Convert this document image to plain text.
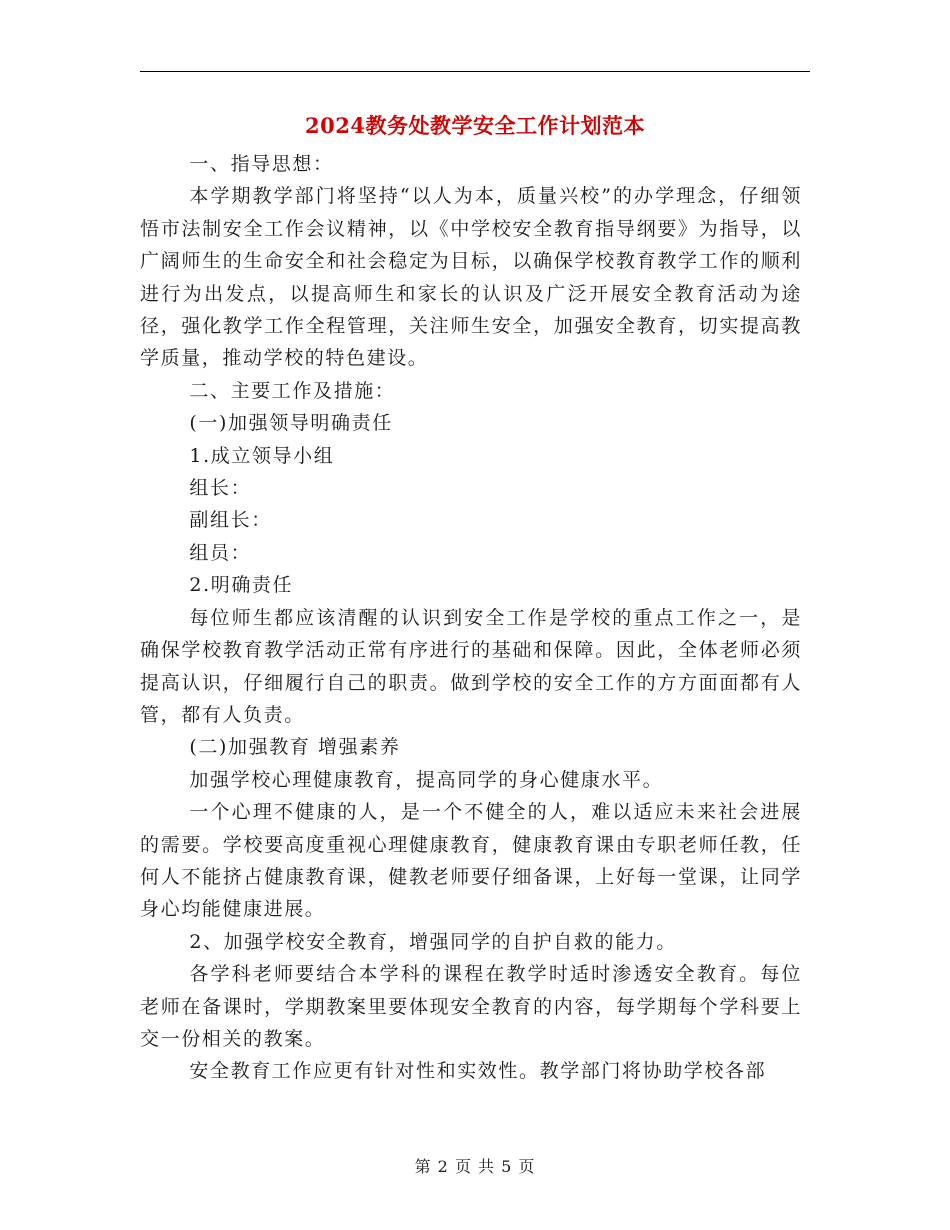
2024教务处教学安全工作计划范本

一、指导思想：

本学期教学部门将坚持“以人为本，质量兴校”的办学理念，仔细领悟市法制安全工作会议精神，以《中学校安全教育指导纲要》为指导，以广阔师生的生命安全和社会稳定为目标，以确保学校教育教学工作的顺利进行为出发点，以提高师生和家长的认识及广泛开展安全教育活动为途径，强化教学工作全程管理，关注师生安全，加强安全教育，切实提高教学质量，推动学校的特色建设。

二、主要工作及措施：

(一)加强领导明确责任

1.成立领导小组

组长：

副组长：

组员：

2.明确责任

每位师生都应该清醒的认识到安全工作是学校的重点工作之一，是确保学校教育教学活动正常有序进行的基础和保障。因此，全体老师必须提高认识，仔细履行自己的职责。做到学校的安全工作的方方面面都有人管，都有人负责。

(二)加强教育 增强素养

加强学校心理健康教育，提高同学的身心健康水平。

一个心理不健康的人，是一个不健全的人，难以适应未来社会进展的需要。学校要高度重视心理健康教育，健康教育课由专职老师任教，任何人不能挤占健康教育课，健教老师要仔细备课，上好每一堂课，让同学身心均能健康进展。

2、加强学校安全教育，增强同学的自护自救的能力。

各学科老师要结合本学科的课程在教学时适时渗透安全教育。每位老师在备课时，学期教案里要体现安全教育的内容，每学期每个学科要上交一份相关的教案。

安全教育工作应更有针对性和实效性。教学部门将协助学校各部

第 2 页 共 5 页
